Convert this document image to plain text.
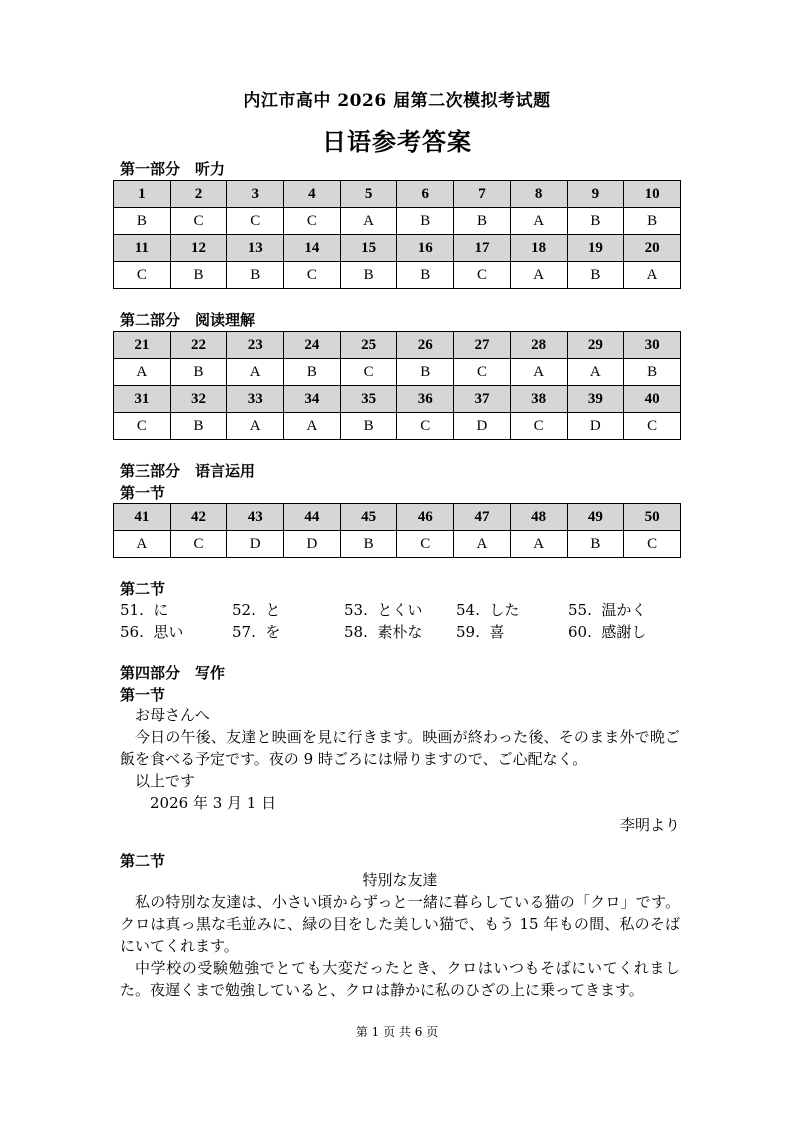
内江市高中 2026 届第二次模拟考试题
日语参考答案
第一部分　听力
1	2	3	4	5	6	7	8	9	10
B	C	C	C	A	B	B	A	B	B
11	12	13	14	15	16	17	18	19	20
C	B	B	C	B	B	C	A	B	A
第二部分　阅读理解
21	22	23	24	25	26	27	28	29	30
A	B	A	B	C	B	C	A	A	B
31	32	33	34	35	36	37	38	39	40
C	B	A	A	B	C	D	C	D	C
第三部分　语言运用
第一节
41	42	43	44	45	46	47	48	49	50
A	C	D	D	B	C	A	A	B	C
第二节
51.  に	52.  と	53.  とくい 54.  した	55.  温かく
56.  思い	57.  を	58.  素朴な 59.  喜	60.  感謝し
第四部分　写作
第一节

お母さんへ

今日の午後、友達と映画を見に行きます。映画が終わった後、そのまま外で晩ご飯を食べる予定です。夜の 9 時ごろには帰りますので、ご心配なく。

以上です

2026 年 3 月 1 日

李明より

第二节

特別な友達

私の特別な友達は、小さい頃からずっと一緒に暮らしている猫の「クロ」です。クロは真っ黒な毛並みに、緑の目をした美しい猫で、もう 15 年もの間、私のそばにいてくれます。

中学校の受験勉強でとても大変だったとき、クロはいつもそばにいてくれました。夜遅くまで勉強していると、クロは静かに私のひざの上に乗ってきます。

第 1 页 共 6 页
